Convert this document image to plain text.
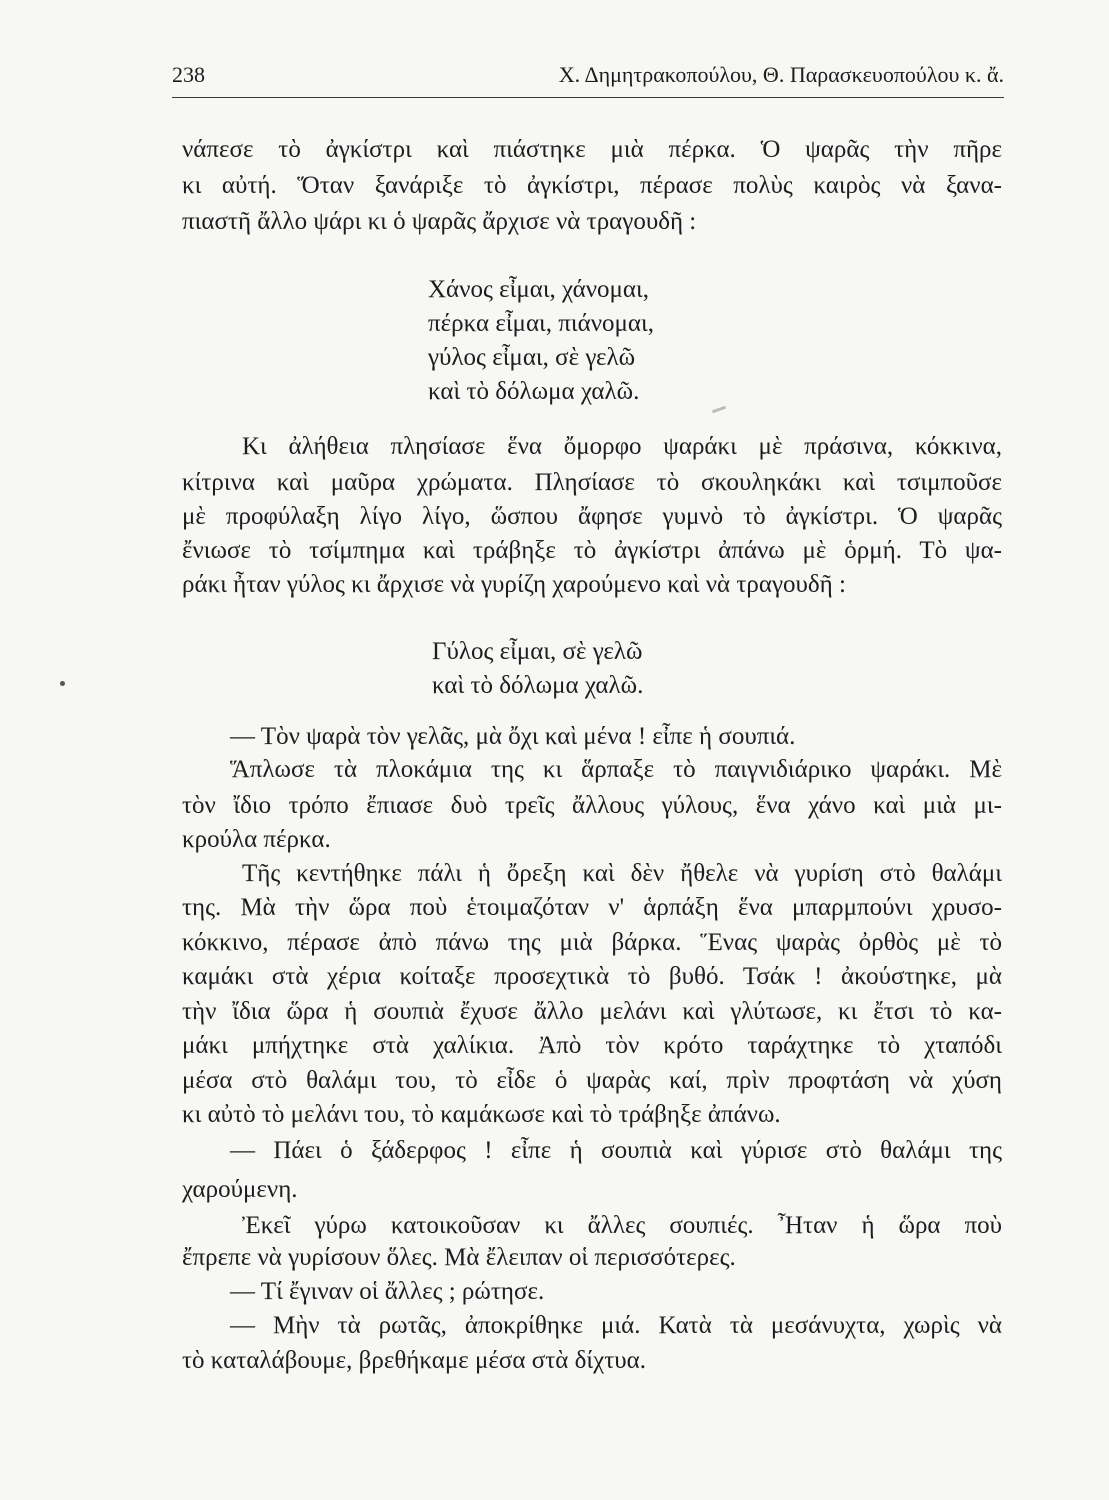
238	Χ. Δημητρακοπούλου, Θ. Παρασκευοπούλου κ. ἄ.
νάπεσε τὸ ἀγκίστρι καὶ πιάστηκε μιὰ πέρκα. Ὁ ψαρᾶς τὴν πῆρε
κι αὐτή. Ὅταν ξανάριξε τὸ ἀγκίστρι, πέρασε πολὺς καιρὸς νὰ ξανα-
πιαστῆ ἄλλο ψάρι κι ὁ ψαρᾶς ἄρχισε νὰ τραγουδῆ :
Χάνος εἶμαι, χάνομαι,
πέρκα εἶμαι, πιάνομαι,
γύλος εἶμαι, σὲ γελῶ
καὶ τὸ δόλωμα χαλῶ.
Κι ἀλήθεια πλησίασε ἕνα ὄμορφο ψαράκι μὲ πράσινα, κόκκινα,
κίτρινα καὶ μαῦρα χρώματα. Πλησίασε τὸ σκουληκάκι καὶ τσιμποῦσε
μὲ προφύλαξη λίγο λίγο, ὥσπου ἄφησε γυμνὸ τὸ ἀγκίστρι. Ὁ ψαρᾶς
ἔνιωσε τὸ τσίμπημα καὶ τράβηξε τὸ ἀγκίστρι ἀπάνω μὲ ὁρμή. Τὸ ψα-
ράκι ἦταν γύλος κι ἄρχισε νὰ γυρίζη χαρούμενο καὶ νὰ τραγουδῆ :
Γύλος εἶμαι, σὲ γελῶ
καὶ τὸ δόλωμα χαλῶ.
— Τὸν ψαρὰ τὸν γελᾶς, μὰ ὄχι καὶ μένα ! εἶπε ἡ σουπιά.
Ἅπλωσε τὰ πλοκάμια της κι ἅρπαξε τὸ παιγνιδιάρικο ψαράκι. Μὲ
τὸν ἴδιο τρόπο ἔπιασε δυὸ τρεῖς ἄλλους γύλους, ἕνα χάνο καὶ μιὰ μι-
κρούλα πέρκα.
Τῆς κεντήθηκε πάλι ἡ ὄρεξη καὶ δὲν ἤθελε νὰ γυρίση στὸ θαλάμι
της. Μὰ τὴν ὥρα ποὺ ἑτοιμαζόταν ν' ἁρπάξη ἕνα μπαρμπούνι χρυσο-
κόκκινο, πέρασε ἀπὸ πάνω της μιὰ βάρκα. Ἕνας ψαρὰς ὀρθὸς μὲ τὸ
καμάκι στὰ χέρια κοίταξε προσεχτικὰ τὸ βυθό. Τσάκ ! ἀκούστηκε, μὰ
τὴν ἴδια ὥρα ἡ σουπιὰ ἔχυσε ἄλλο μελάνι καὶ γλύτωσε, κι ἔτσι τὸ κα-
μάκι μπήχτηκε στὰ χαλίκια. Ἀπὸ τὸν κρότο ταράχτηκε τὸ χταπόδι
μέσα στὸ θαλάμι του, τὸ εἶδε ὁ ψαρὰς καί, πρὶν προφτάση νὰ χύση
κι αὐτὸ τὸ μελάνι του, τὸ καμάκωσε καὶ τὸ τράβηξε ἀπάνω.
— Πάει ὁ ξάδερφος ! εἶπε ἡ σουπιὰ καὶ γύρισε στὸ θαλάμι της
χαρούμενη.
Ἐκεῖ γύρω κατοικοῦσαν κι ἄλλες σουπιές. Ἦταν ἡ ὥρα ποὺ
ἔπρεπε νὰ γυρίσουν ὅλες. Μὰ ἔλειπαν οἱ περισσότερες.
— Τί ἔγιναν οἱ ἄλλες ; ρώτησε.
— Μὴν τὰ ρωτᾶς, ἀποκρίθηκε μιά. Κατὰ τὰ μεσάνυχτα, χωρὶς νὰ
τὸ καταλάβουμε, βρεθήκαμε μέσα στὰ δίχτυα.
